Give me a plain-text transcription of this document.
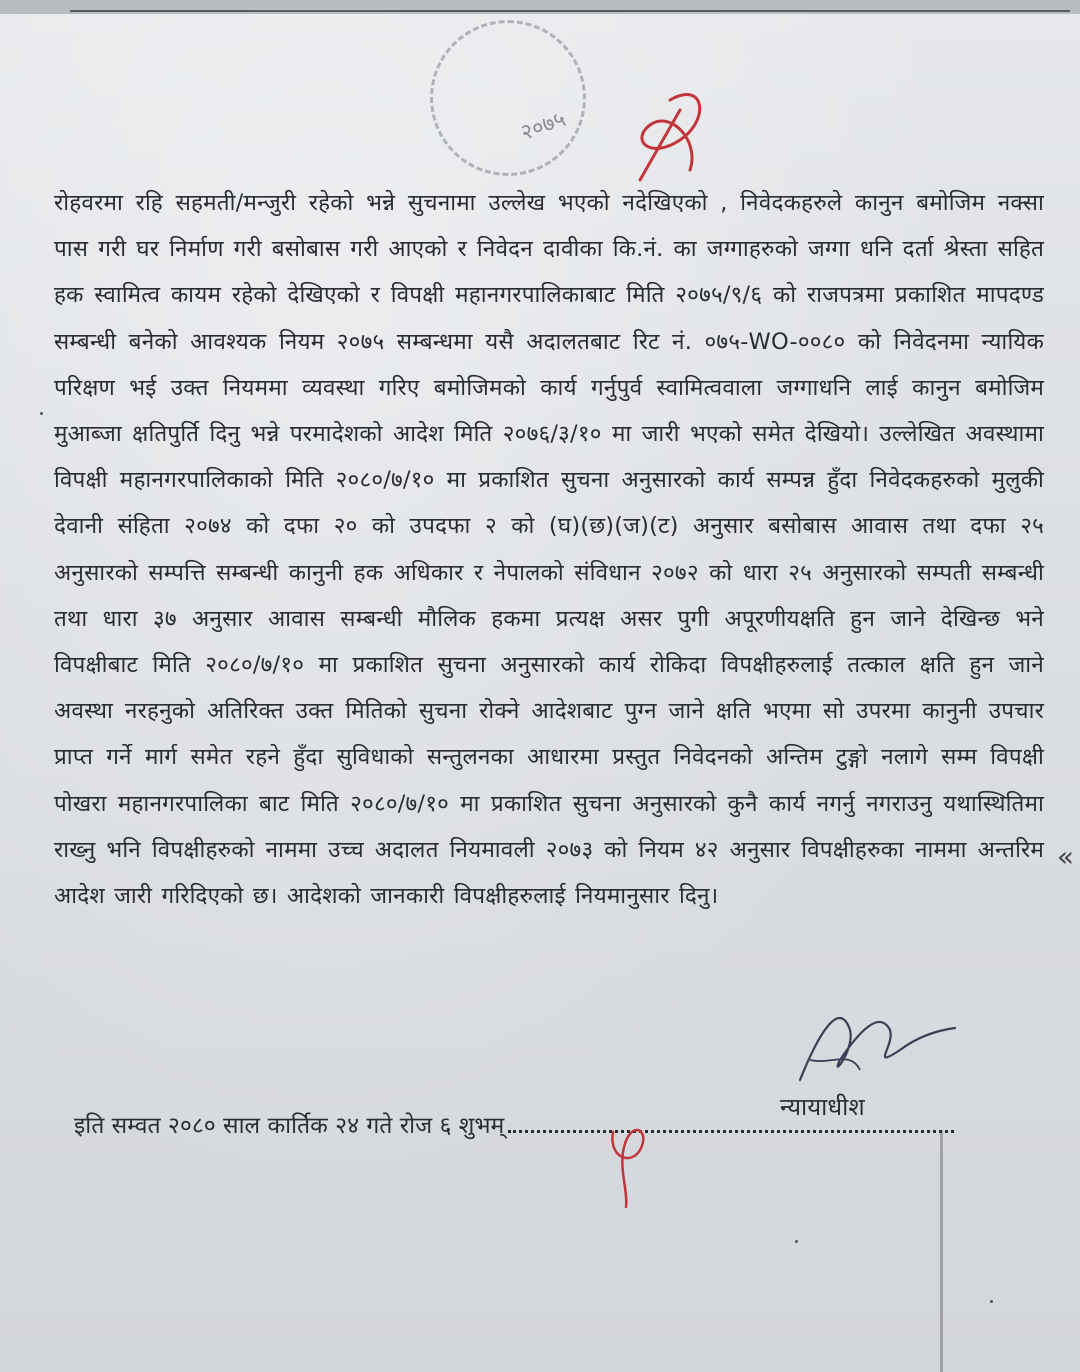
२०७५

रोहवरमा रहि सहमती/मन्जुरी रहेको भन्ने सुचनामा उल्लेख भएको नदेखिएको , निवेदकहरुले कानुन बमोजिम नक्सा पास गरी घर निर्माण गरी बसोबास गरी आएको र निवेदन दावीका कि.नं. का जग्गाहरुको जग्गा धनि दर्ता श्रेस्ता सहित हक स्वामित्व कायम रहेको देखिएको र विपक्षी महानगरपालिकाबाट मिति २०७५/९/६ को राजपत्रमा प्रकाशित मापदण्ड सम्बन्धी बनेको आवश्यक नियम २०७५ सम्बन्धमा यसै अदालतबाट रिट नं. ०७५-WO-००८० को निवेदनमा न्यायिक परिक्षण भई उक्त नियममा व्यवस्था गरिए बमोजिमको कार्य गर्नुपुर्व स्वामित्ववाला जग्गाधनि लाई कानुन बमोजिम मुआब्जा क्षतिपुर्ति दिनु भन्ने परमादेशको आदेश मिति २०७६/३/१० मा जारी भएको समेत देखियो। उल्लेखित अवस्थामा विपक्षी महानगरपालिकाको मिति २०८०/७/१० मा प्रकाशित सुचना अनुसारको कार्य सम्पन्न हुँदा निवेदकहरुको मुलुकी देवानी संहिता २०७४ को दफा २० को उपदफा २ को (घ)(छ)(ज)(ट) अनुसार बसोबास आवास तथा दफा २५ अनुसारको सम्पत्ति सम्बन्धी कानुनी हक अधिकार र नेपालको संविधान २०७२ को धारा २५ अनुसारको सम्पती सम्बन्धी तथा धारा ३७ अनुसार आवास सम्बन्धी मौलिक हकमा प्रत्यक्ष असर पुगी अपूरणीयक्षति हुन जाने देखिन्छ भने विपक्षीबाट मिति २०८०/७/१० मा प्रकाशित सुचना अनुसारको कार्य रोकिदा विपक्षीहरुलाई तत्काल क्षति हुन जाने अवस्था नरहनुको अतिरिक्त उक्त मितिको सुचना रोक्ने आदेशबाट पुग्न जाने क्षति भएमा सो उपरमा कानुनी उपचार प्राप्त गर्ने मार्ग समेत रहने हुँदा सुविधाको सन्तुलनका आधारमा प्रस्तुत निवेदनको अन्तिम टुङ्गो नलागे सम्म विपक्षी पोखरा महानगरपालिका बाट मिति २०८०/७/१० मा प्रकाशित सुचना अनुसारको कुनै कार्य नगर्नु नगराउनु यथास्थितिमा राख्नु भनि विपक्षीहरुको नाममा उच्च अदालत नियमावली २०७३ को नियम ४२ अनुसार विपक्षीहरुका नाममा अन्तरिम आदेश जारी गरिदिएको छ। आदेशको जानकारी विपक्षीहरुलाई नियमानुसार दिनु।

न्यायाधीश
इति सम्वत २०८० साल कार्तिक २४ गते रोज ६ शुभम्
«
